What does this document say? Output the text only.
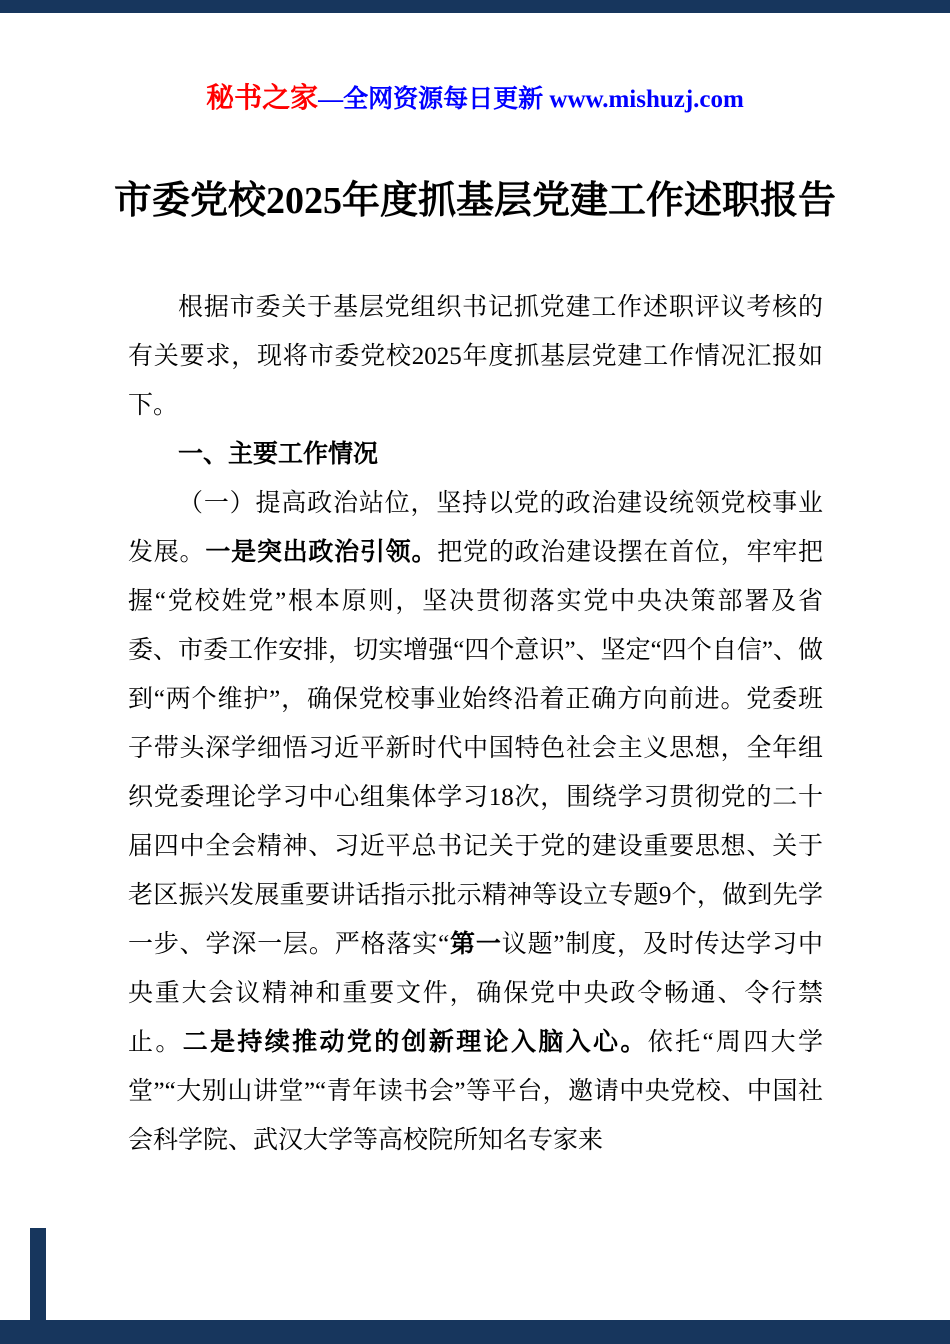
秘书之家—全网资源每日更新 www.mishuzj.com
市委党校2025年度抓基层党建工作述职报告

根据市委关于基层党组织书记抓党建工作述职评议考核的有关要求，现将市委党校2025年度抓基层党建工作情况汇报如下。

一、主要工作情况

（一）提高政治站位，坚持以党的政治建设统领党校事业发展。一是突出政治引领。把党的政治建设摆在首位，牢牢把握“党校姓党”根本原则，坚决贯彻落实党中央决策部署及省委、市委工作安排，切实增强“四个意识”、坚定“四个自信”、做到“两个维护”，确保党校事业始终沿着正确方向前进。党委班子带头深学细悟习近平新时代中国特色社会主义思想，全年组织党委理论学习中心组集体学习18次，围绕学习贯彻党的二十届四中全会精神、习近平总书记关于党的建设重要思想、关于老区振兴发展重要讲话指示批示精神等设立专题9个，做到先学一步、学深一层。严格落实“第一议题”制度，及时传达学习中央重大会议精神和重要文件，确保党中央政令畅通、令行禁止。二是持续推动党的创新理论入脑入心。依托“周四大学堂”“大别山讲堂”“青年读书会”等平台，邀请中央党校、中国社会科学院、武汉大学等高校院所知名专家来
